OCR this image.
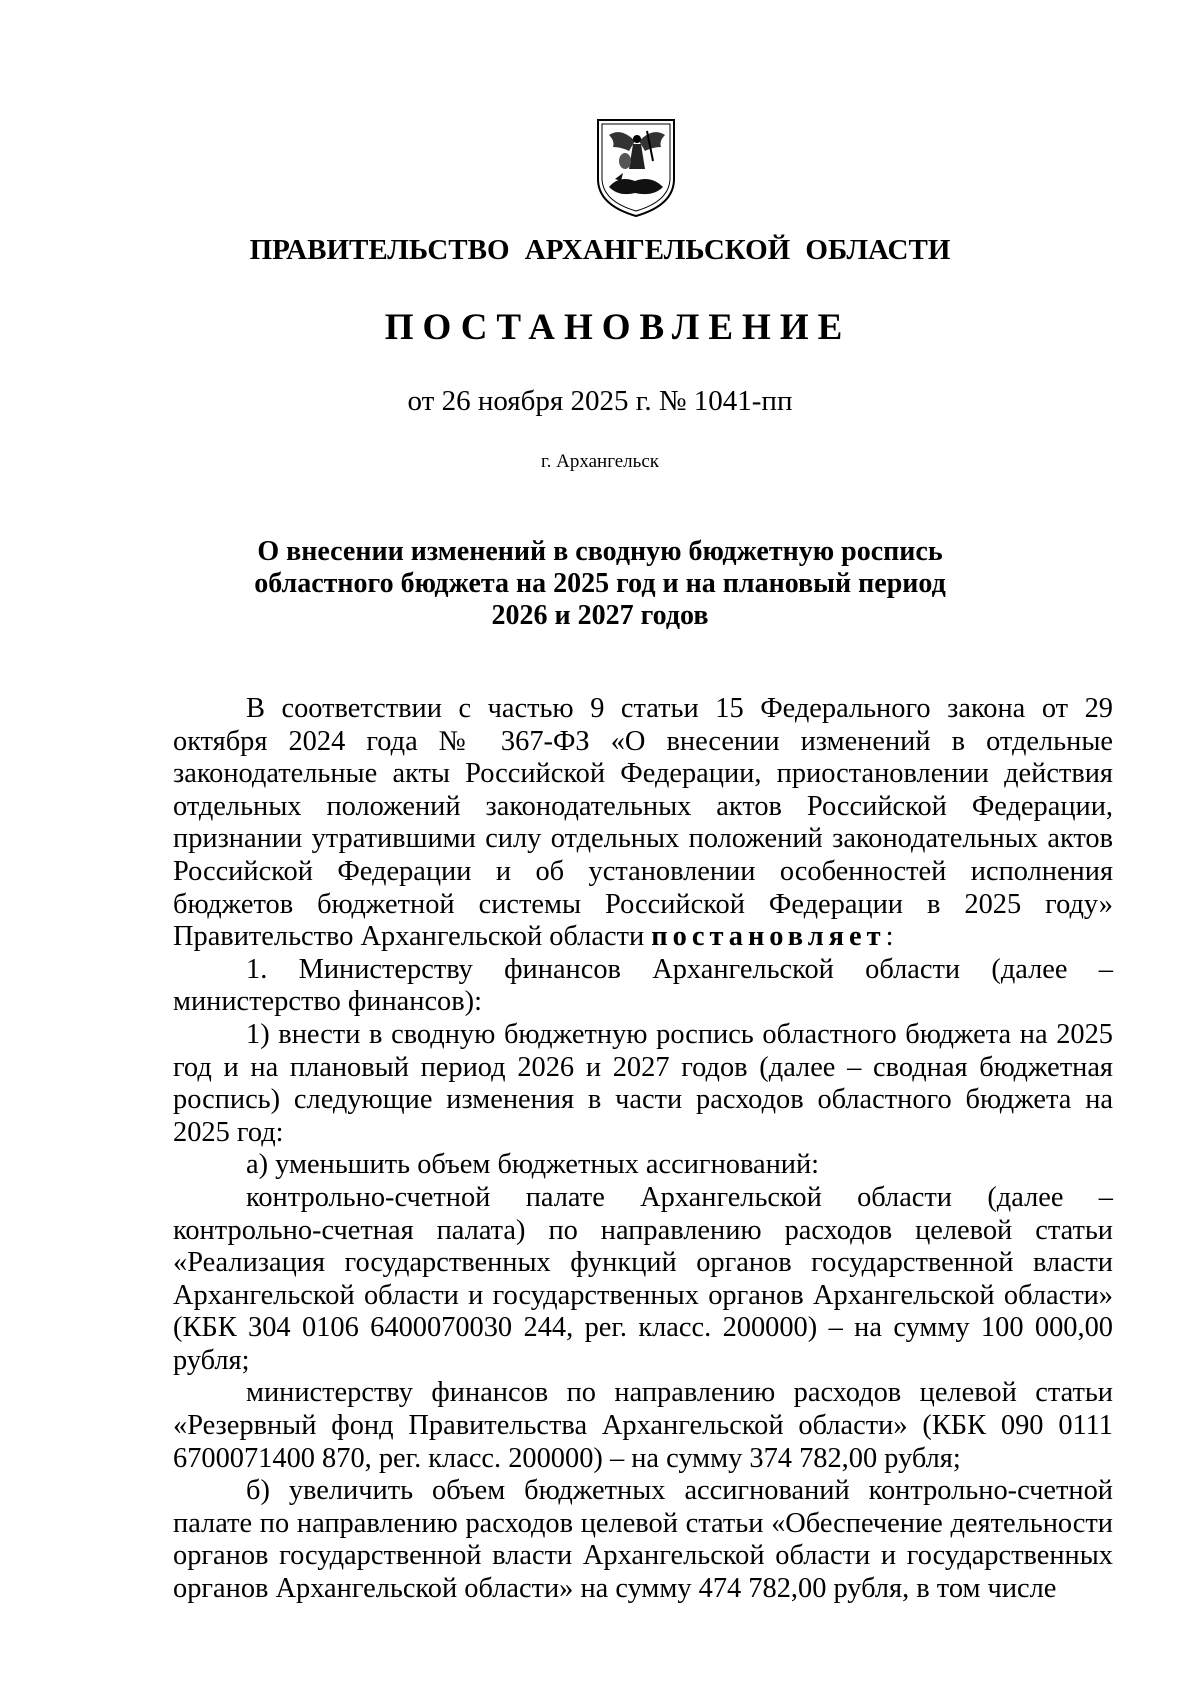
ПРАВИТЕЛЬСТВО АРХАНГЕЛЬСКОЙ ОБЛАСТИ
ПОСТАНОВЛЕНИЕ
от 26 ноября 2025 г. № 1041-пп
г. Архангельск
О внесении изменений в сводную бюджетную роспись
областного бюджета на 2025 год и на плановый период
2026 и 2027 годов

В соответствии с частью 9 статьи 15 Федерального закона от 29 октября 2024 года № 367-ФЗ «О внесении изменений в отдельные законодательные акты Российской Федерации, приостановлении действия отдельных положений законодательных актов Российской Федерации, признании утратившими силу отдельных положений законодательных актов Российской Федерации и об установлении особенностей исполнения бюджетов бюджетной системы Российской Федерации в 2025 году» Правительство Архангельской области постановляет:

1. Министерству финансов Архангельской области (далее – министерство финансов):

1) внести в сводную бюджетную роспись областного бюджета на 2025 год и на плановый период 2026 и 2027 годов (далее – сводная бюджетная роспись) следующие изменения в части расходов областного бюджета на 2025 год:

а) уменьшить объем бюджетных ассигнований:

контрольно-счетной палате Архангельской области (далее – контрольно-счетная палата) по направлению расходов целевой статьи «Реализация государственных функций органов государственной власти Архангельской области и государственных органов Архангельской области» (КБК 304 0106 6400070030 244, рег. класс. 200000) – на сумму 100 000,00 рубля;

министерству финансов по направлению расходов целевой статьи «Резервный фонд Правительства Архангельской области» (КБК 090 0111 6700071400 870, рег. класс. 200000) – на сумму 374 782,00 рубля;

б) увеличить объем бюджетных ассигнований контрольно-счетной палате по направлению расходов целевой статьи «Обеспечение деятельности органов государственной власти Архангельской области и государственных органов Архангельской области» на сумму 474 782,00 рубля, в том числе
